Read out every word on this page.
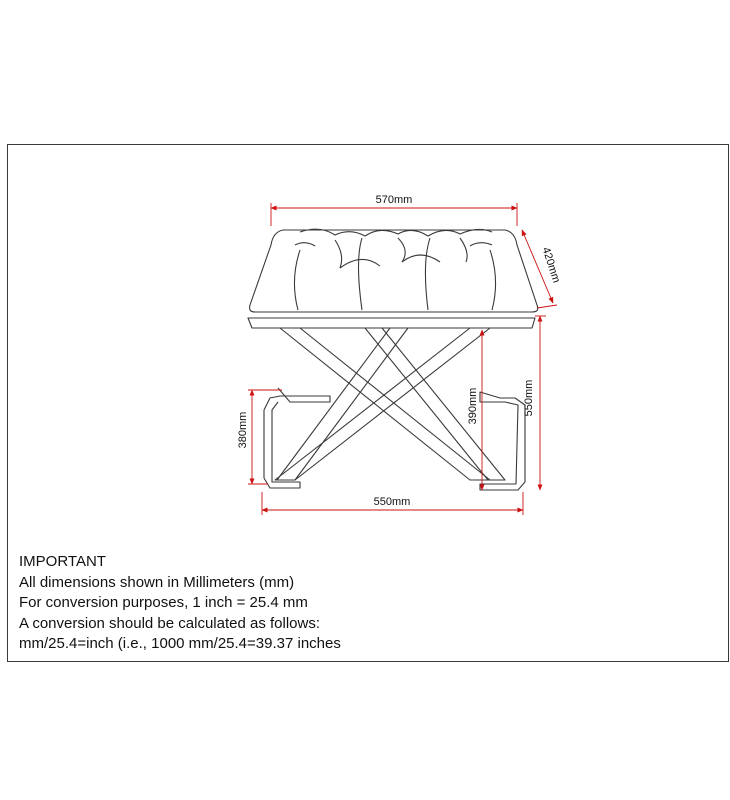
570mm
420mm
550mm
390mm
380mm
550mm
IMPORTANT
All dimensions shown in Millimeters (mm)
For conversion purposes, 1 inch = 25.4 mm
A conversion should be calculated as follows:
mm/25.4=inch (i.e., 1000 mm/25.4=39.37 inches
